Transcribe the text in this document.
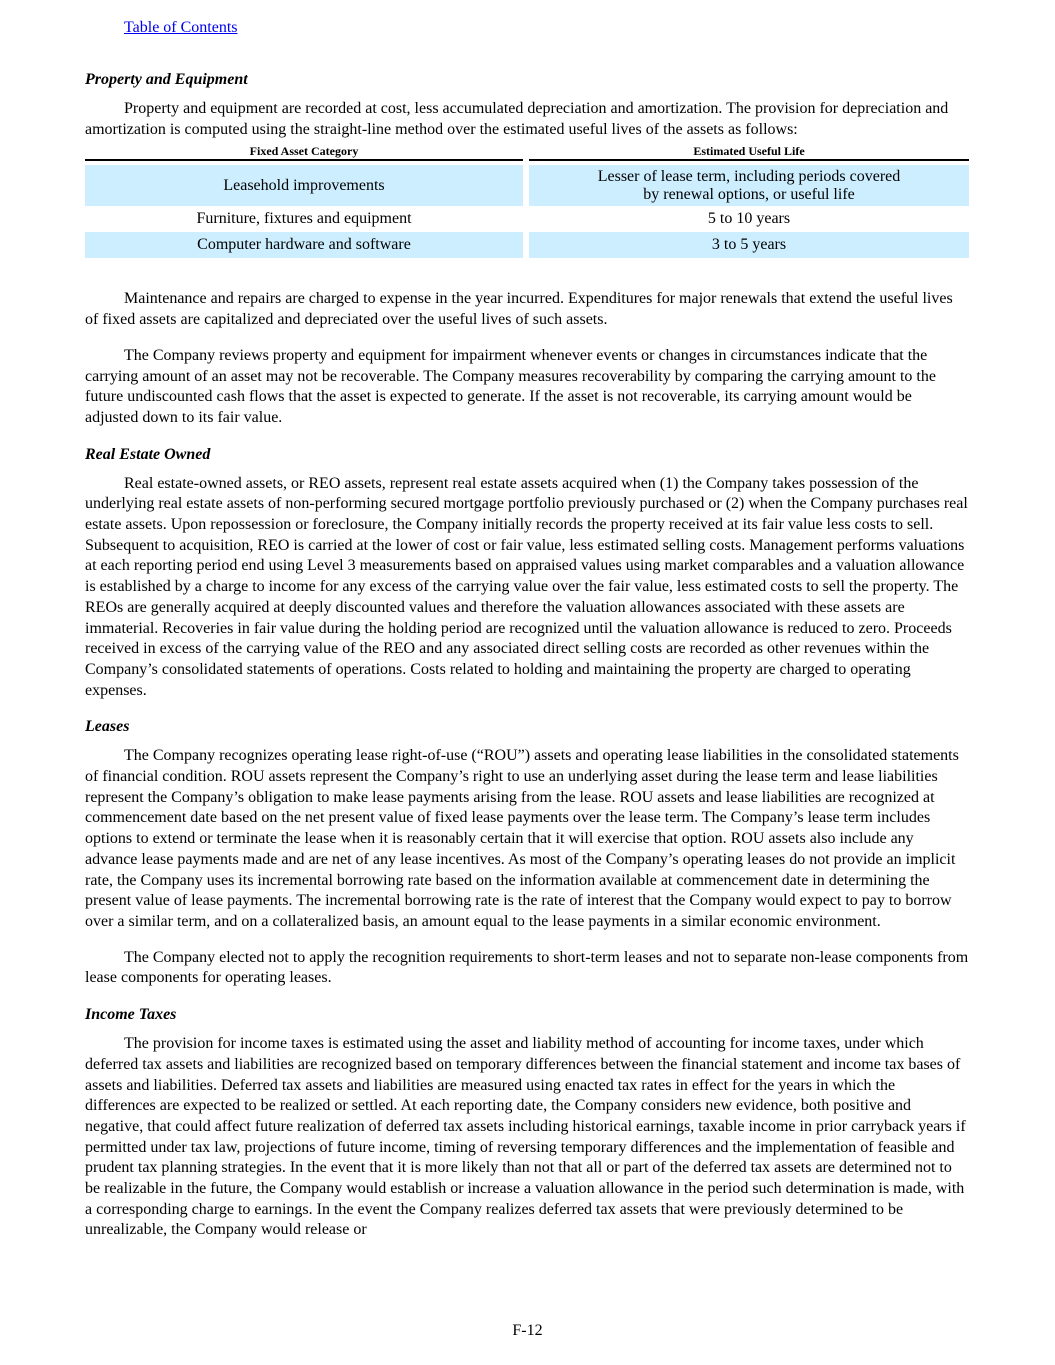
Table of Contents
Property and Equipment

Property and equipment are recorded at cost, less accumulated depreciation and amortization. The provision for depreciation and amortization is computed using the straight-line method over the estimated useful lives of the assets as follows:

Fixed Asset Category		Estimated Useful Life

Leasehold improvements		Lesser of lease term, including periods covered
by renewal options, or useful life
Furniture, fixtures and equipment		5 to 10 years
Computer hardware and software		3 to 5 years

Maintenance and repairs are charged to expense in the year incurred. Expenditures for major renewals that extend the useful lives of fixed assets are capitalized and depreciated over the useful lives of such assets.

The Company reviews property and equipment for impairment whenever events or changes in circumstances indicate that the carrying amount of an asset may not be recoverable. The Company measures recoverability by comparing the carrying amount to the future undiscounted cash flows that the asset is expected to generate. If the asset is not recoverable, its carrying amount would be adjusted down to its fair value.

Real Estate Owned

Real estate-owned assets, or REO assets, represent real estate assets acquired when (1) the Company takes possession of the underlying real estate assets of non-performing secured mortgage portfolio previously purchased or (2) when the Company purchases real estate assets. Upon repossession or foreclosure, the Company initially records the property received at its fair value less costs to sell. Subsequent to acquisition, REO is carried at the lower of cost or fair value, less estimated selling costs. Management performs valuations at each reporting period end using Level 3 measurements based on appraised values using market comparables and a valuation allowance is established by a charge to income for any excess of the carrying value over the fair value, less estimated costs to sell the property. The REOs are generally acquired at deeply discounted values and therefore the valuation allowances associated with these assets are immaterial. Recoveries in fair value during the holding period are recognized until the valuation allowance is reduced to zero. Proceeds received in excess of the carrying value of the REO and any associated direct selling costs are recorded as other revenues within the Company’s consolidated statements of operations. Costs related to holding and maintaining the property are charged to operating expenses.

Leases

The Company recognizes operating lease right-of-use (“ROU”) assets and operating lease liabilities in the consolidated statements of financial condition. ROU assets represent the Company’s right to use an underlying asset during the lease term and lease liabilities represent the Company’s obligation to make lease payments arising from the lease. ROU assets and lease liabilities are recognized at commencement date based on the net present value of fixed lease payments over the lease term. The Company’s lease term includes options to extend or terminate the lease when it is reasonably certain that it will exercise that option. ROU assets also include any advance lease payments made and are net of any lease incentives. As most of the Company’s operating leases do not provide an implicit rate, the Company uses its incremental borrowing rate based on the information available at commencement date in determining the present value of lease payments. The incremental borrowing rate is the rate of interest that the Company would expect to pay to borrow over a similar term, and on a collateralized basis, an amount equal to the lease payments in a similar economic environment.

The Company elected not to apply the recognition requirements to short-term leases and not to separate non-lease components from lease components for operating leases.

Income Taxes

The provision for income taxes is estimated using the asset and liability method of accounting for income taxes, under which deferred tax assets and liabilities are recognized based on temporary differences between the financial statement and income tax bases of assets and liabilities. Deferred tax assets and liabilities are measured using enacted tax rates in effect for the years in which the differences are expected to be realized or settled. At each reporting date, the Company considers new evidence, both positive and negative, that could affect future realization of deferred tax assets including historical earnings, taxable income in prior carryback years if permitted under tax law, projections of future income, timing of reversing temporary differences and the implementation of feasible and prudent tax planning strategies. In the event that it is more likely than not that all or part of the deferred tax assets are determined not to be realizable in the future, the Company would establish or increase a valuation allowance in the period such determination is made, with a corresponding charge to earnings. In the event the Company realizes deferred tax assets that were previously determined to be unrealizable, the Company would release or

F-12
